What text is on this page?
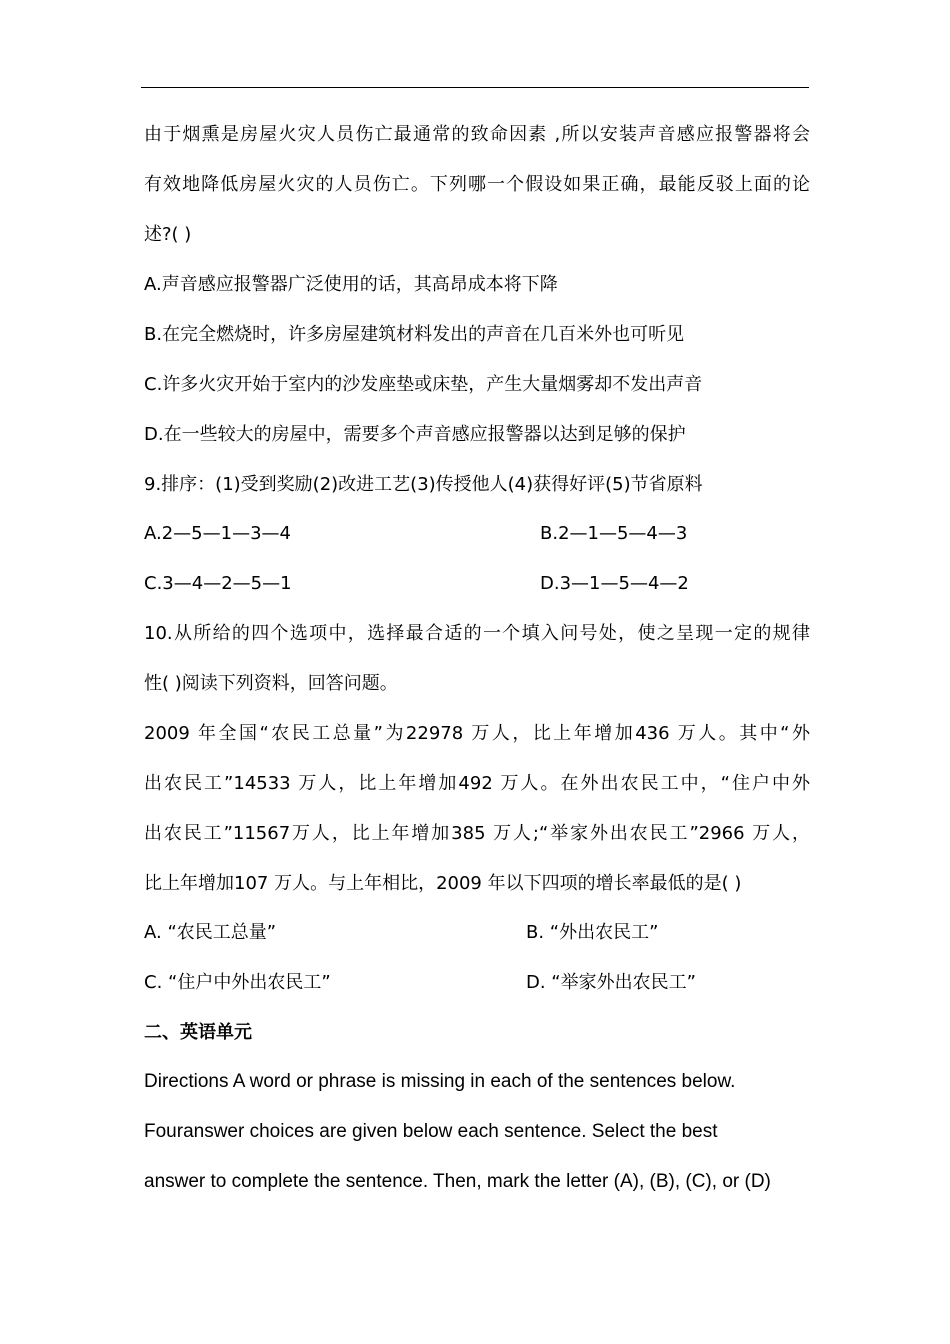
由于烟熏是房屋火灾人员伤亡最通常的致命因素 ,所以安装声音感应报警器将会
有效地降低房屋火灾的人员伤亡。下列哪一个假设如果正确，最能反驳上面的论
述?( )
A.声音感应报警器广泛使用的话，其高昂成本将下降
B.在完全燃烧时，许多房屋建筑材料发出的声音在几百米外也可听见
C.许多火灾开始于室内的沙发座垫或床垫，产生大量烟雾却不发出声音
D.在一些较大的房屋中，需要多个声音感应报警器以达到足够的保护
9.排序：(1)受到奖励(2)改进工艺(3)传授他人(4)获得好评(5)节省原料
A.2—5—1—3—4	B.2—1—5—4—3
C.3—4—2—5—1	D.3—1—5—4—2
10.从所给的四个选项中，选择最合适的一个填入问号处，使之呈现一定的规律
性( )阅读下列资料，回答问题。
2009 年全国“农民工总量”为22978 万人，比上年增加436 万人。其中“外
出农民工”14533 万人，比上年增加492 万人。在外出农民工中，“住户中外
出农民工”11567万人，比上年增加385 万人;“举家外出农民工”2966 万人，
比上年增加107 万人。与上年相比，2009 年以下四项的增长率最低的是( )
A. “农民工总量”	B. “外出农民工”
C. “住户中外出农民工”	D. “举家外出农民工”
二、英语单元
Directions A word or phrase is missing in each of the sentences below.
Fouranswer choices are given below each sentence. Select the best
answer to complete the sentence. Then, mark the letter (A), (B), (C), or (D)
